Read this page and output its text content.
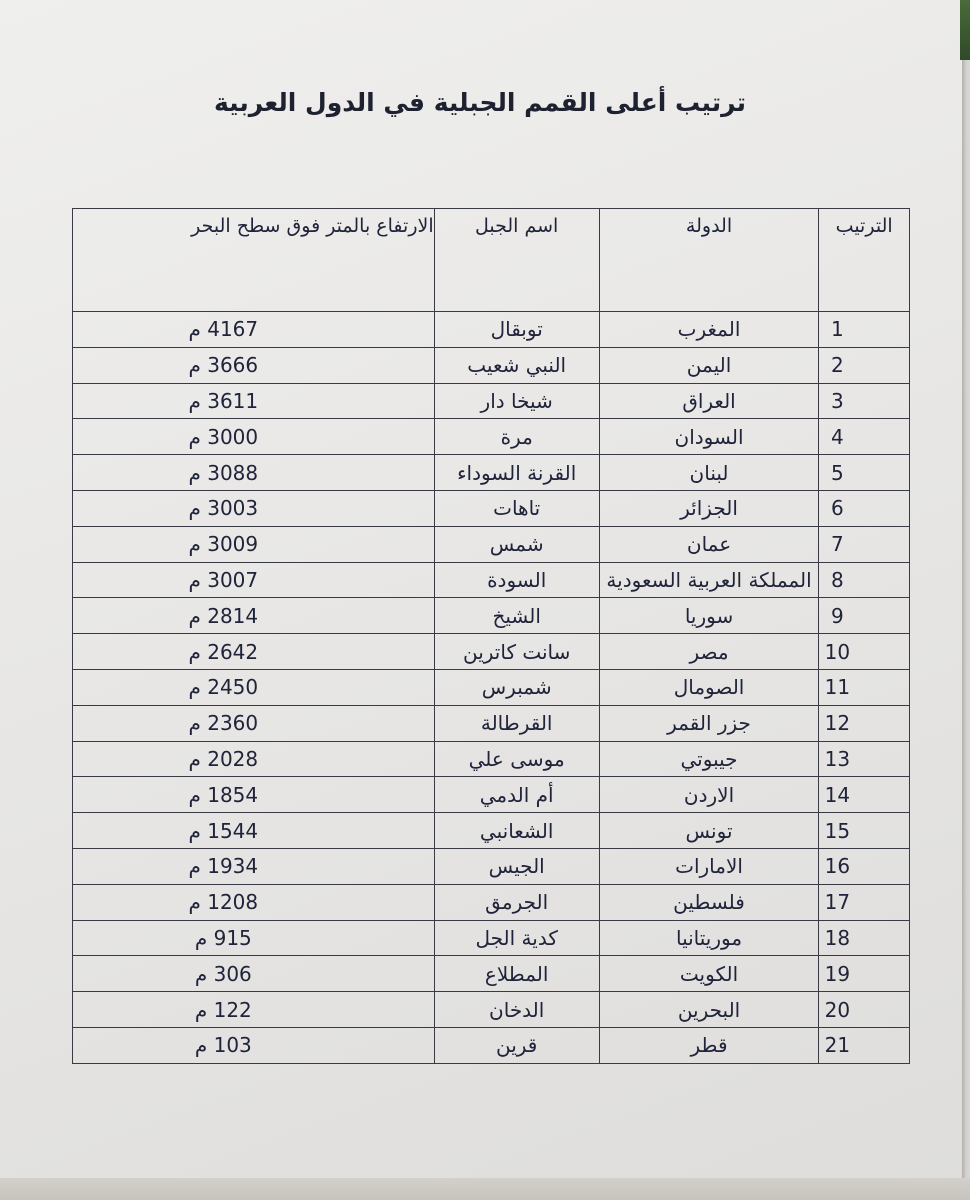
ترتيب أعلى القمم الجبلية في الدول العربية
الترتيب	الدولة	اسم الجبل	الارتفاع بالمتر فوق سطح البحر
1	المغرب	توبقال	4167 م
2	اليمن	النبي شعيب	3666 م
3	العراق	شيخا دار	3611 م
4	السودان	مرة	3000 م
5	لبنان	القرنة السوداء	3088 م
6	الجزائر	تاهات	3003 م
7	عمان	شمس	3009 م
8	المملكة العربية السعودية	السودة	3007 م
9	سوريا	الشيخ	2814 م
10	مصر	سانت كاترين	2642 م
11	الصومال	شمبرس	2450 م
12	جزر القمر	القرطالة	2360 م
13	جيبوتي	موسى علي	2028 م
14	الاردن	أم الدمي	1854 م
15	تونس	الشعانبي	1544 م
16	الامارات	الجيس	1934 م
17	فلسطين	الجرمق	1208 م
18	موريتانيا	كدية الجل	915 م
19	الكويت	المطلاع	306 م
20	البحرين	الدخان	122 م
21	قطر	قرين	103 م
